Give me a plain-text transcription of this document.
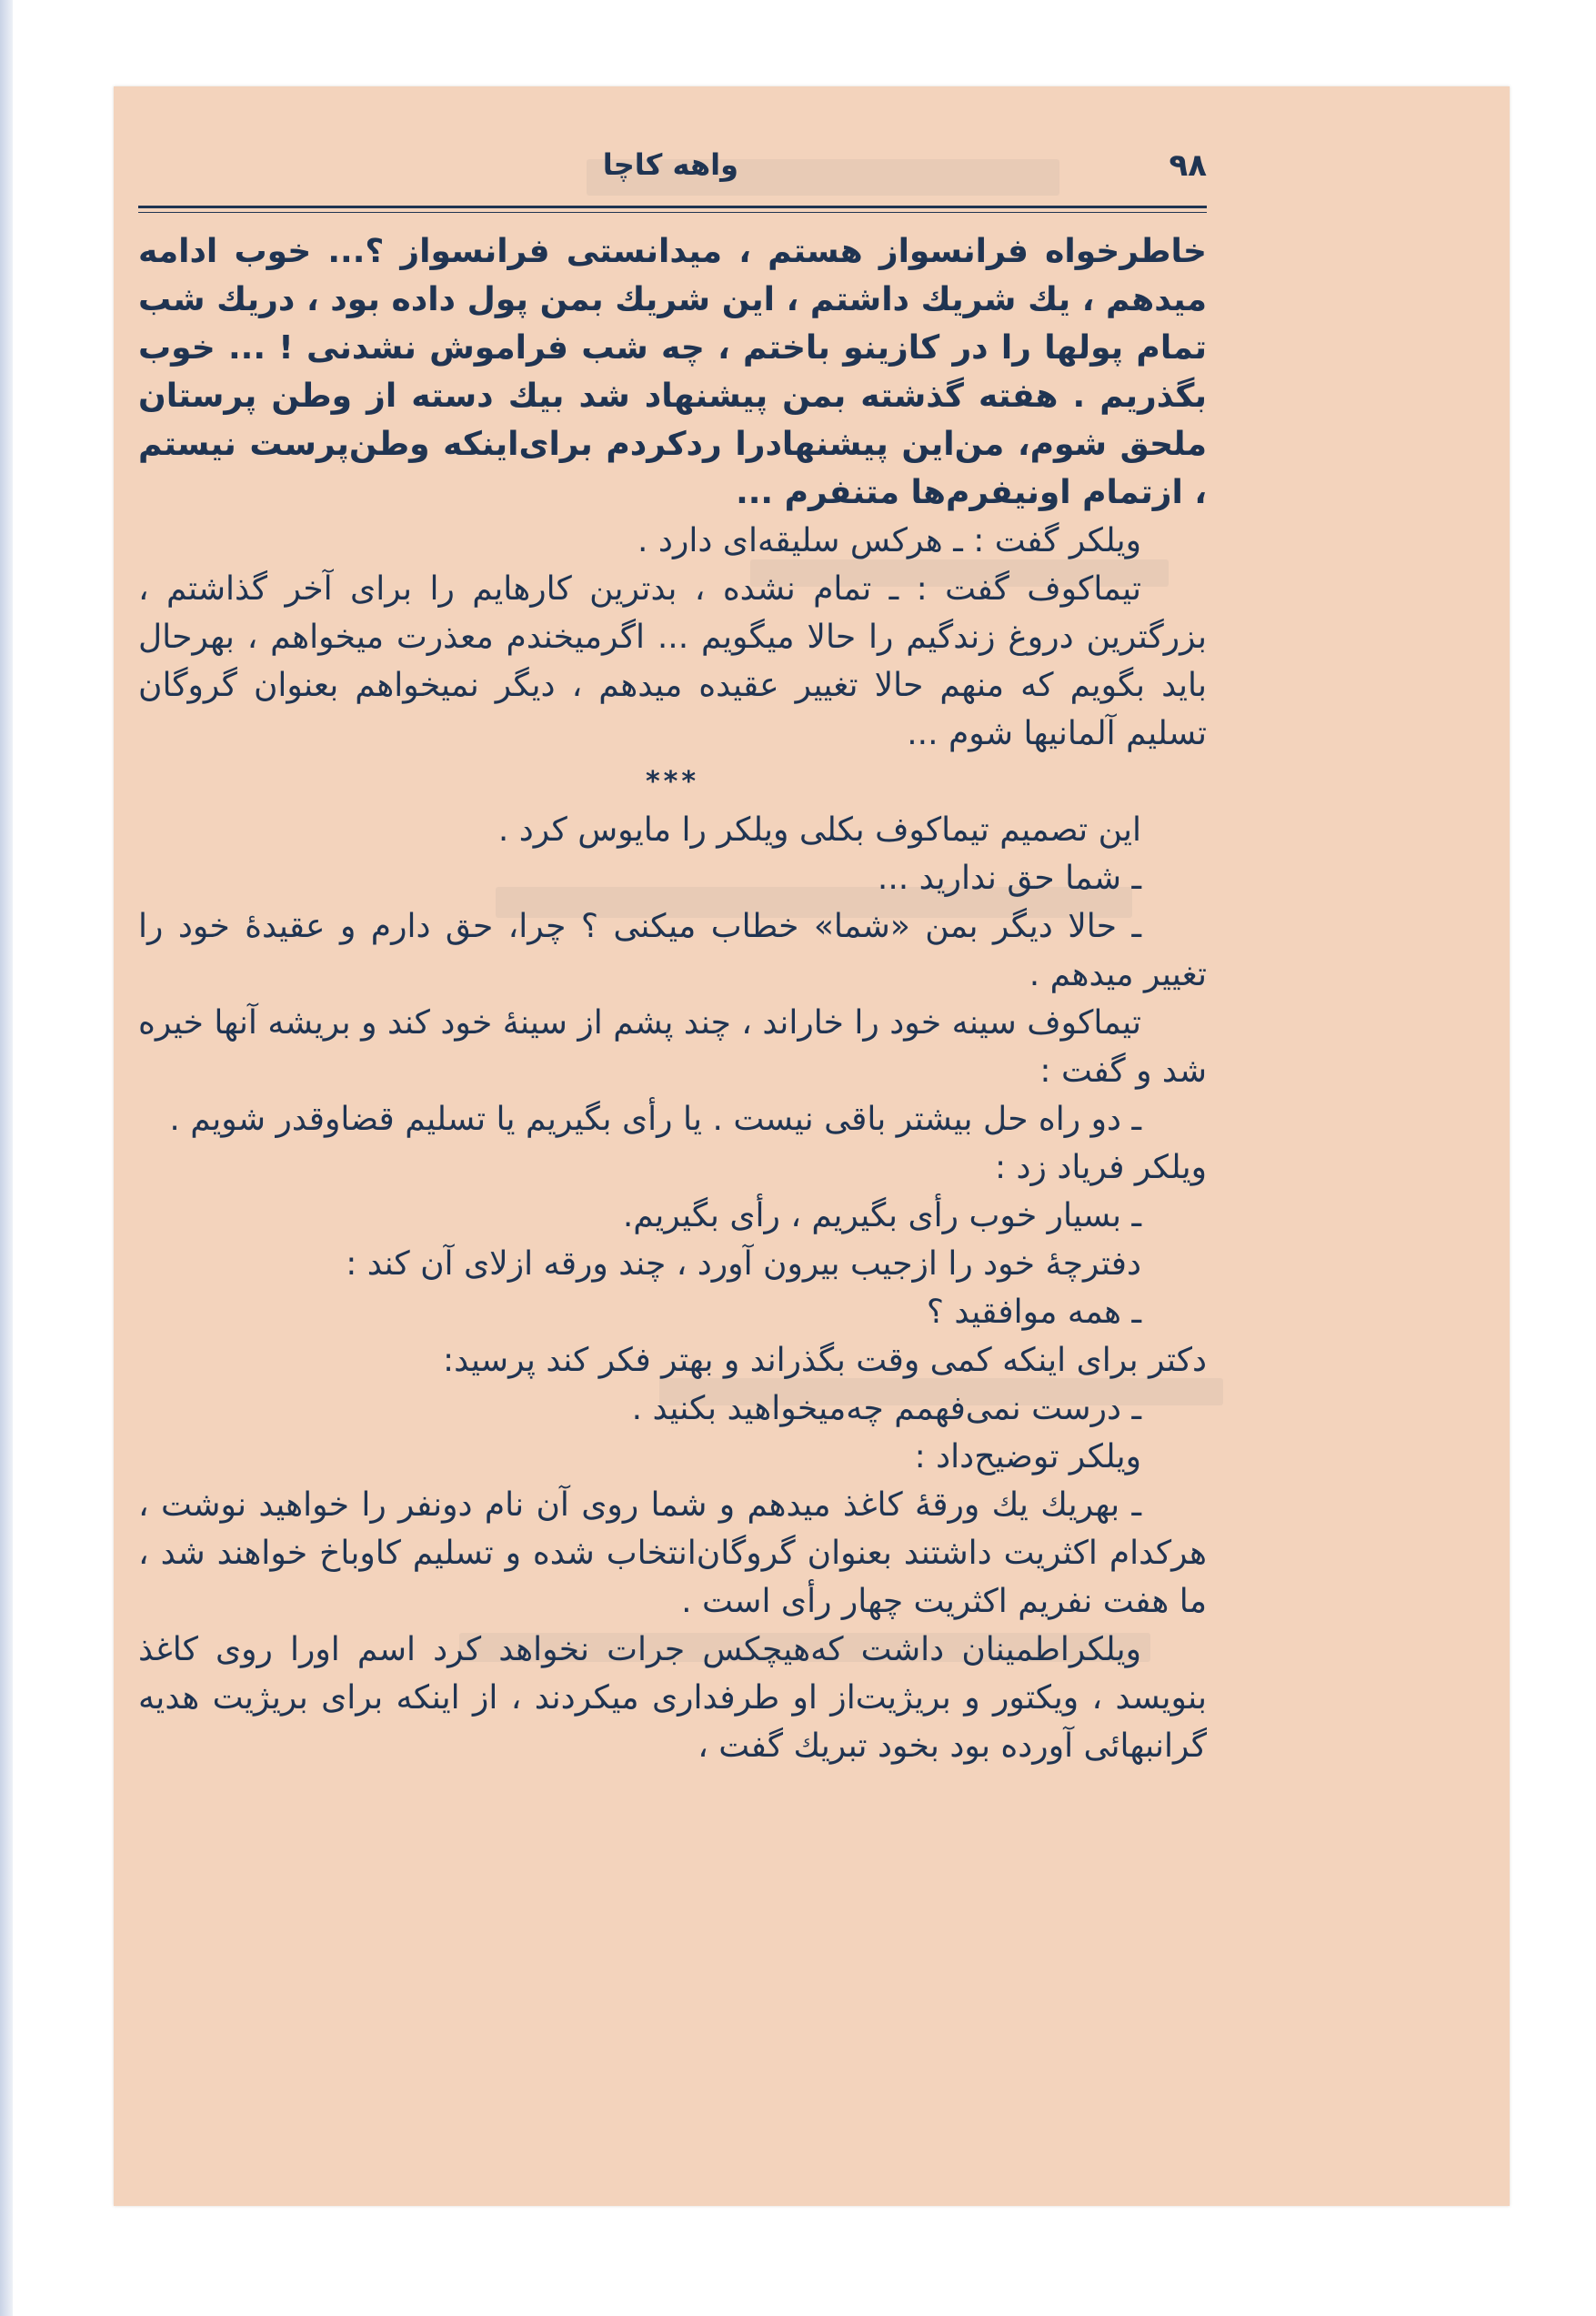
۹۸
واهه کاچا

خاطرخواه فرانسواز هستم ، میدانستی فرانسواز ؟... خوب ادامه میدهم ، یك شریك داشتم ، این شریك بمن پول داده بود ، دریك شب تمام پولها را در کازینو باختم ، چه شب فراموش نشدنی ! ... خوب بگذریم . هفته گذشته بمن پیشنهاد شد بیك دسته از وطن پرستان ملحق شوم، من‌این پیشنهادرا ردکردم برای‌اینکه وطن‌پرست نیستم ، ازتمام اونیفرم‌ها متنفرم ...

ویلکر گفت : ـ هرکس سلیقه‌ای دارد .

تیماکوف گفت : ـ تمام نشده ، بدترین کارهایم را برای آخر گذاشتم ، بزرگترین دروغ زندگیم را حالا میگویم ... اگرمیخندم معذرت میخواهم ، بهرحال باید بگویم که منهم حالا تغییر عقیده میدهم ، دیگر نمیخواهم بعنوان گروگان تسلیم آلمانیها شوم ...

***

این تصمیم تیماکوف بکلی ویلکر را مایوس کرد .

ـ شما حق ندارید ...

ـ حالا دیگر بمن «شما» خطاب میکنی ؟ چرا، حق دارم و عقیدهٔ خود را تغییر میدهم .

تیماکوف سینه خود را خاراند ، چند پشم از سینهٔ خود کند و بریشه آنها خیره شد و گفت :

ـ دو راه حل بیشتر باقی نیست . یا رأی بگیریم یا تسلیم قضاوقدر شویم .

ویلکر فریاد زد :

ـ بسیار خوب رأی بگیریم ، رأی بگیریم.

دفترچهٔ خود را ازجیب بیرون آورد ، چند ورقه ازلای آن کند :

ـ همه موافقید ؟

دکتر برای اینکه کمی وقت بگذراند و بهتر فکر کند پرسید:

ـ درست نمی‌فهمم چه‌میخواهید بکنید .

ویلکر توضیح‌داد :

ـ بهریك یك ورقهٔ کاغذ میدهم و شما روی آن نام دونفر را خواهید نوشت ، هرکدام اکثریت داشتند بعنوان گروگان‌انتخاب شده و تسلیم کاوباخ خواهند شد ، ما هفت نفریم اکثریت چهار رأی است .

ویلکراطمینان داشت که‌هیچکس جرات نخواهد کرد اسم اورا روی کاغذ بنویسد ، ویکتور و بریژیت‌از او طرفداری میکردند ، از اینکه برای بریژیت هدیه گرانبهائی آورده بود بخود تبریك گفت ،
